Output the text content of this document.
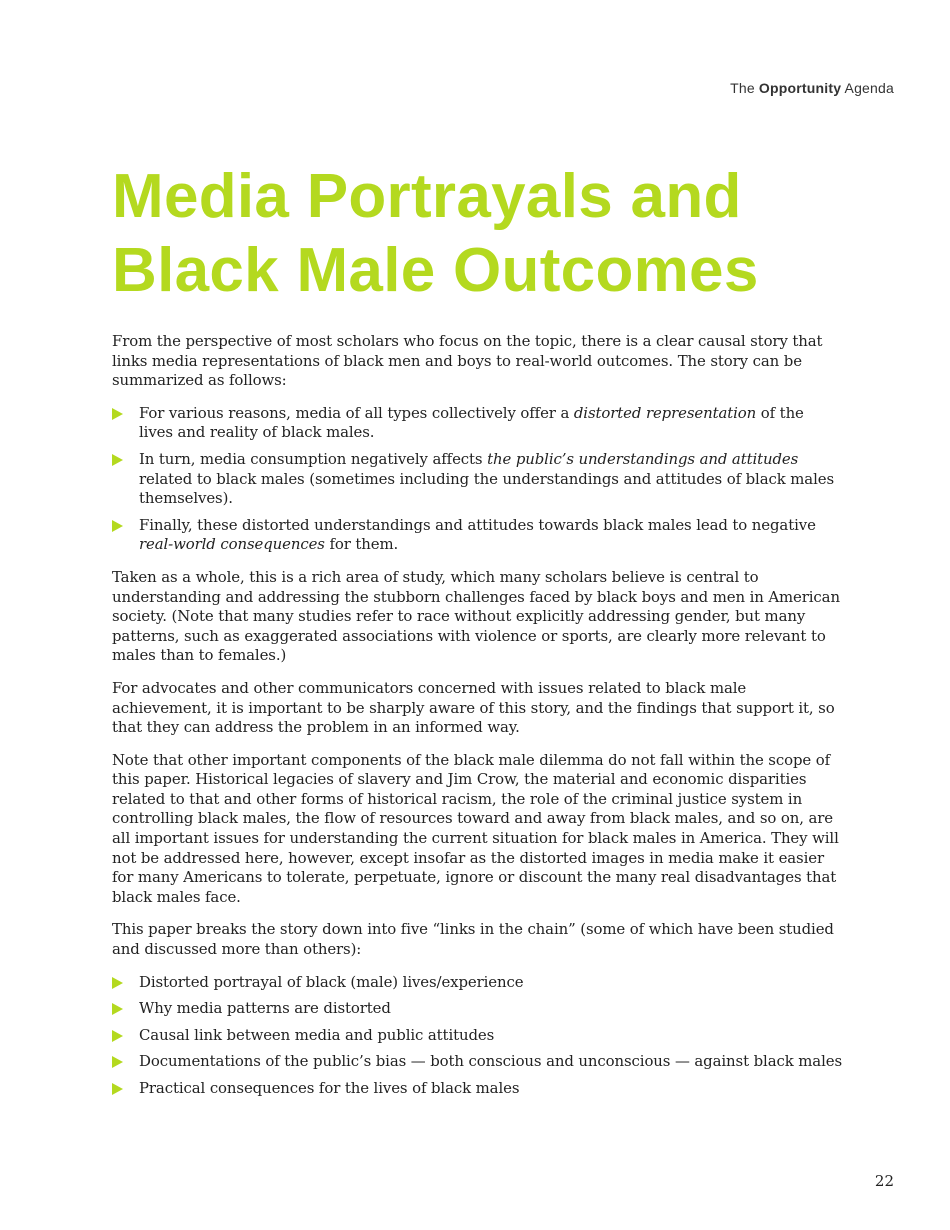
The Opportunity Agenda
Media Portrayals and
Black Male Outcomes

From the perspective of most scholars who focus on the topic, there is a clear causal story that links media representations of black men and boys to real-world outcomes. The story can be summarized as follows:

For various reasons, media of all types collectively offer a distorted representation of the lives and reality of black males.
In turn, media consumption negatively affects the public’s understandings and attitudes related to black males (sometimes including the understandings and attitudes of black males themselves).
Finally, these distorted understandings and attitudes towards black males lead to negative real-world consequences for them.

Taken as a whole, this is a rich area of study, which many scholars believe is central to understanding and addressing the stubborn challenges faced by black boys and men in American society. (Note that many studies refer to race without explicitly addressing gender, but many patterns, such as exaggerated associations with violence or sports, are clearly more relevant to males than to females.)

For advocates and other communicators concerned with issues related to black male achievement, it is important to be sharply aware of this story, and the findings that support it, so that they can address the problem in an informed way.

Note that other important components of the black male dilemma do not fall within the scope of this paper. Historical legacies of slavery and Jim Crow, the material and economic disparities related to that and other forms of historical racism, the role of the criminal justice system in controlling black males, the flow of resources toward and away from black males, and so on, are all important issues for understanding the current situation for black males in America. They will not be addressed here, however, except insofar as the distorted images in media make it easier for many Americans to tolerate, perpetuate, ignore or discount the many real disadvantages that black males face.

This paper breaks the story down into five “links in the chain” (some of which have been studied and discussed more than others):

Distorted portrayal of black (male) lives/experience
Why media patterns are distorted
Causal link between media and public attitudes
Documentations of the public’s bias — both conscious and unconscious — against black males
Practical consequences for the lives of black males
22
